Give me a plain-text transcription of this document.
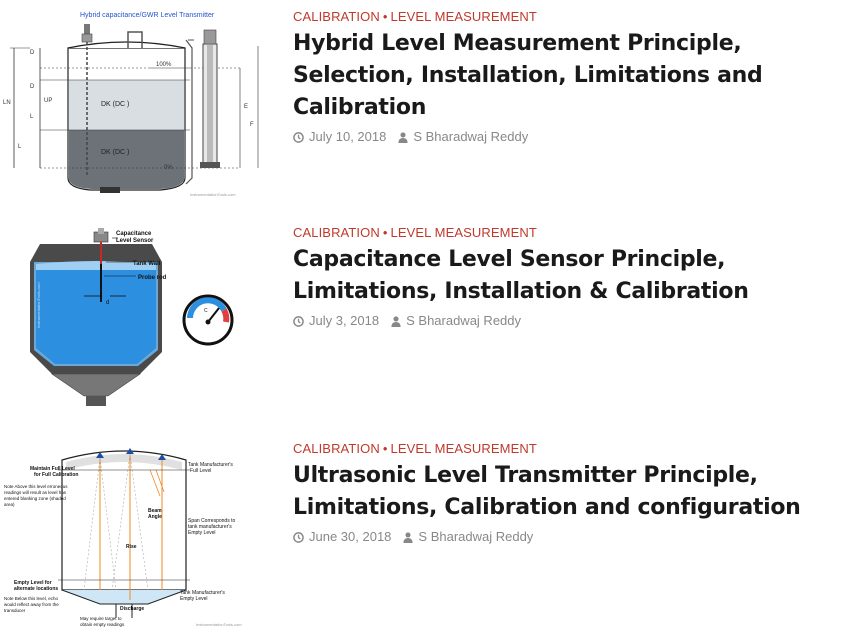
Hybrid capacitance/GWR Level Transmitter
100%
0%
D
D
UP
LN
L
L
DK (DC )
DK (DC )
E
F
InstrumentationTools.com
CALIBRATION • LEVEL MEASUREMENT
Hybrid Level Measurement Principle, Selection, Installation, Limitations and Calibration
July 10, 2018 S Bharadwaj Reddy
Capacitance
Level Sensor
Tank Wall
Probe rod
d
InstrumentationTools.com	C
CALIBRATION • LEVEL MEASUREMENT
Capacitance Level Sensor Principle, Limitations, Installation & Calibration
July 3, 2018 S Bharadwaj Reddy
Maintain Full Level
for Full Calibration
Tank Manufacturer's
Full Level
Note Above this level erroneous
readings will result as level has
entered blanking zone (shaded
area)
Beam
Angle
Rise
Span Corresponds to
tank manufacturer's
Empty Level
Empty Level for
alternate locations
Note Below this level, echo
would reflect away from the
transducer
Tank Manufacturer's
Empty Level
Discharge
May require target to
obtain empty readings	InstrumentationTools.com
CALIBRATION • LEVEL MEASUREMENT
Ultrasonic Level Transmitter Principle, Limitations, Calibration and configuration
June 30, 2018 S Bharadwaj Reddy
